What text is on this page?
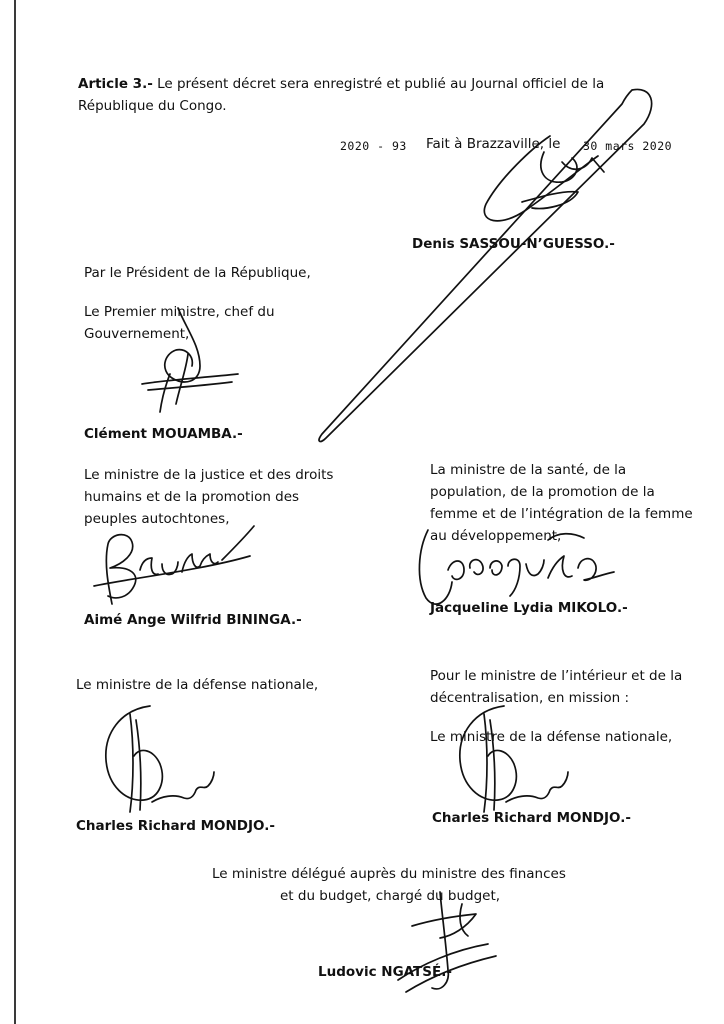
Article 3.- Le présent décret sera enregistré et publié au Journal officiel de la
République du Congo.
2020 - 93 Fait à Brazzaville, le 30 mars 2020
Denis SASSOU-N’GUESSO.-
Par le Président de la République,
Le Premier ministre, chef du
Gouvernement,
Clément MOUAMBA.-
Le ministre de la justice et des droits
humains et de la promotion des
peuples autochtones,
Aimé Ange Wilfrid BININGA.-
La ministre de la santé, de la
population, de la promotion de la
femme et de l’intégration de la femme
au développement,
Jacqueline Lydia MIKOLO.-
Le ministre de la défense nationale,
Charles Richard MONDJO.-
Pour le ministre de l’intérieur et de la
décentralisation, en mission :
Le ministre de la défense nationale,
Charles Richard MONDJO.-
Le ministre délégué auprès du ministre des finances
et du budget, chargé du budget,
Ludovic NGATSÉ.-
